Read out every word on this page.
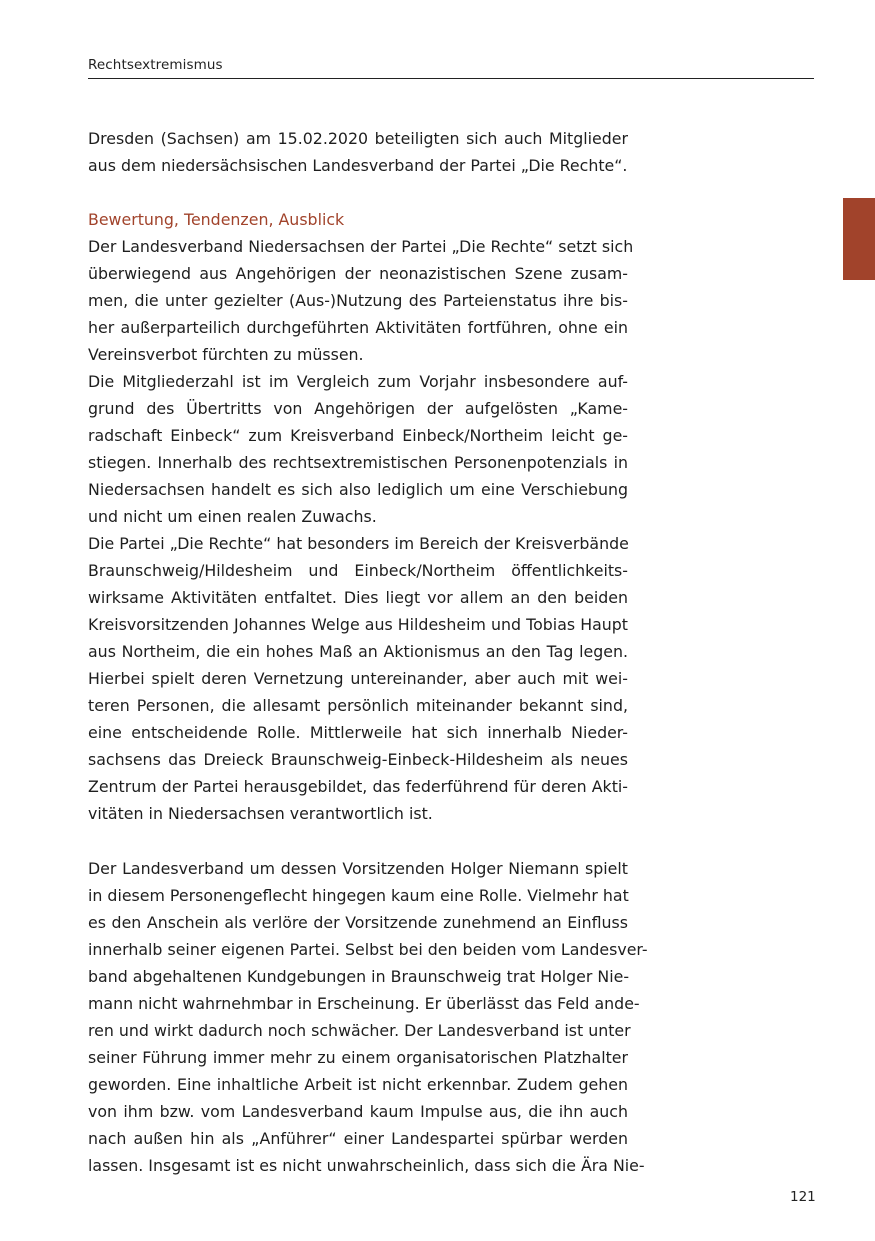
Rechtsextremismus
Dresden (Sachsen) am 15.02.2020 beteiligten sich auch Mitglieder
aus dem niedersächsischen Landesverband der Partei „Die Rechte“.
Bewertung, Tendenzen, Ausblick
Der Landesverband Niedersachsen der Partei „Die Rechte“ setzt sich
überwiegend aus Angehörigen der neonazistischen Szene zusam-
men, die unter gezielter (Aus-)Nutzung des Parteienstatus ihre bis-
her außerparteilich durchgeführten Aktivitäten fortführen, ohne ein
Vereinsverbot fürchten zu müssen.
Die Mitgliederzahl ist im Vergleich zum Vorjahr insbesondere auf-
grund des Übertritts von Angehörigen der aufgelösten „Kame-
radschaft Einbeck“ zum Kreisverband Einbeck/Northeim leicht ge-
stiegen. Innerhalb des rechtsextremistischen Personenpotenzials in
Niedersachsen handelt es sich also lediglich um eine Verschiebung
und nicht um einen realen Zuwachs.
Die Partei „Die Rechte“ hat besonders im Bereich der Kreisverbände
Braunschweig/Hildesheim und Einbeck/Northeim öffentlichkeits-
wirksame Aktivitäten entfaltet. Dies liegt vor allem an den beiden
Kreisvorsitzenden Johannes Welge aus Hildesheim und Tobias Haupt
aus Northeim, die ein hohes Maß an Aktionismus an den Tag legen.
Hierbei spielt deren Vernetzung untereinander, aber auch mit wei-
teren Personen, die allesamt persönlich miteinander bekannt sind,
eine entscheidende Rolle. Mittlerweile hat sich innerhalb Nieder-
sachsens das Dreieck Braunschweig-Einbeck-Hildesheim als neues
Zentrum der Partei herausgebildet, das federführend für deren Akti-
vitäten in Niedersachsen verantwortlich ist.
Der Landesverband um dessen Vorsitzenden Holger Niemann spielt
in diesem Personengeflecht hingegen kaum eine Rolle. Vielmehr hat
es den Anschein als verlöre der Vorsitzende zunehmend an Einfluss
innerhalb seiner eigenen Partei. Selbst bei den beiden vom Landesver-
band abgehaltenen Kundgebungen in Braunschweig trat Holger Nie-
mann nicht wahrnehmbar in Erscheinung. Er überlässt das Feld ande-
ren und wirkt dadurch noch schwächer. Der Landesverband ist unter
seiner Führung immer mehr zu einem organisatorischen Platzhalter
geworden. Eine inhaltliche Arbeit ist nicht erkennbar. Zudem gehen
von ihm bzw. vom Landesverband kaum Impulse aus, die ihn auch
nach außen hin als „Anführer“ einer Landespartei spürbar werden
lassen. Insgesamt ist es nicht unwahrscheinlich, dass sich die Ära Nie-
121
